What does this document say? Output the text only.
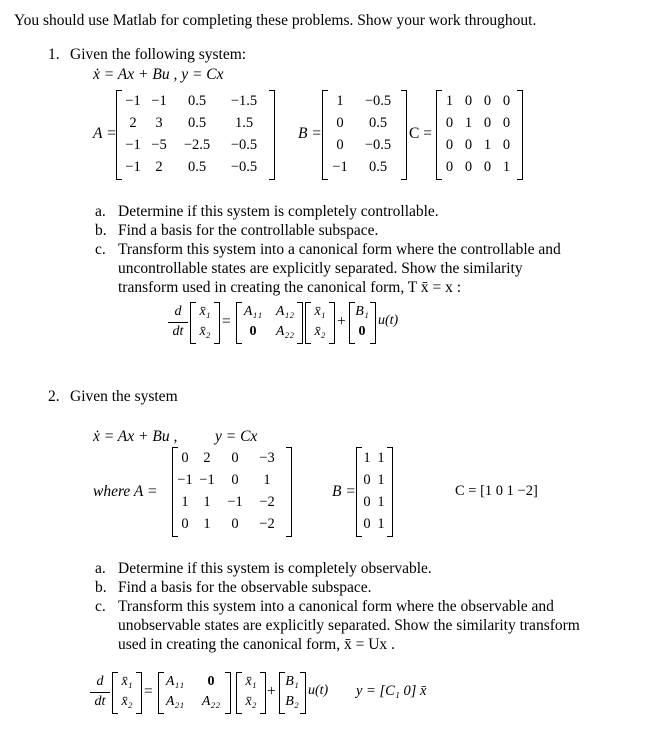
You should use Matlab for completing these problems. Show your work throughout.
1. Given the following system:
ẋ = Ax + Bu , y = Cx
A =
−1	−1	0.5	−1.5
2	3	0.5	1.5
−1	−5	−2.5	−0.5
−1	2	0.5	−0.5
B =
1	−0.5
0	0.5
0	−0.5
−1	0.5
C =
1	0	0	0
0	1	0	0
0	0	1	0
0	0	0	1
a. Determine if this system is completely controllable.
b. Find a basis for the controllable subspace.
c. Transform this system into a canonical form where the controllable and
uncontrollable states are explicitly separated. Show the similarity
transform used in creating the canonical form, T x̄ = x :
d
dt
x̄₁
x̄₂
=
A₁₁ A₁₂
0	A₂₂
x̄₁
x̄₂
+
B₁
0
u(t)
2. Given the system
ẋ = Ax + Bu , y = Cx
where A =
0	2	0	−3
−1	−1	0	1
1	1	−1	−2
0	1	0	−2
B =
1	1
0	1
0	1
0	1
C = [1 0 1 −2]
a. Determine if this system is completely observable.
b. Find a basis for the observable subspace.
c. Transform this system into a canonical form where the observable and
unobservable states are explicitly separated. Show the similarity transform
used in creating the canonical form, x̄ = Ux .
d
dt
x̄₁
x̄₂
=
A₁₁	0
A₂₁ A₂₂
x̄₁
x̄₂
+
B₁
B₂
u(t) y = [C₁ 0] x̄
